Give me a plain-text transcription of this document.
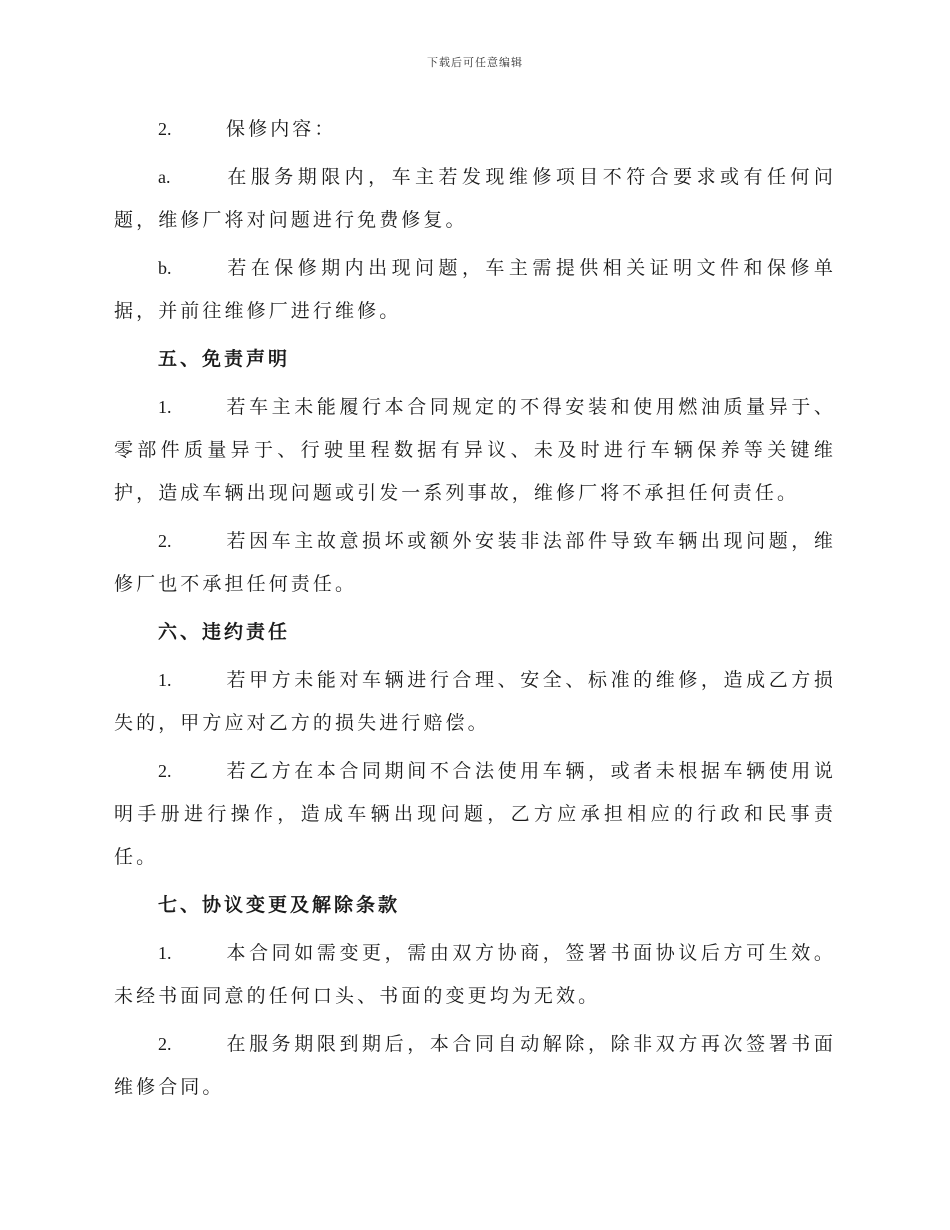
下载后可任意编辑

2.	保修内容：

a.	在服务期限内，车主若发现维修项目不符合要求或有任何问题，维修厂将对问题进行免费修复。

b.	若在保修期内出现问题，车主需提供相关证明文件和保修单据，并前往维修厂进行维修。

五、免责声明

1.	若车主未能履行本合同规定的不得安装和使用燃油质量异于、零部件质量异于、行驶里程数据有异议、未及时进行车辆保养等关键维护，造成车辆出现问题或引发一系列事故，维修厂将不承担任何责任。

2.	若因车主故意损坏或额外安装非法部件导致车辆出现问题，维修厂也不承担任何责任。

六、违约责任

1.	若甲方未能对车辆进行合理、安全、标准的维修，造成乙方损失的，甲方应对乙方的损失进行赔偿。

2.	若乙方在本合同期间不合法使用车辆，或者未根据车辆使用说明手册进行操作，造成车辆出现问题，乙方应承担相应的行政和民事责任。

七、协议变更及解除条款

1.	本合同如需变更，需由双方协商，签署书面协议后方可生效。未经书面同意的任何口头、书面的变更均为无效。

2.	在服务期限到期后，本合同自动解除，除非双方再次签署书面维修合同。
